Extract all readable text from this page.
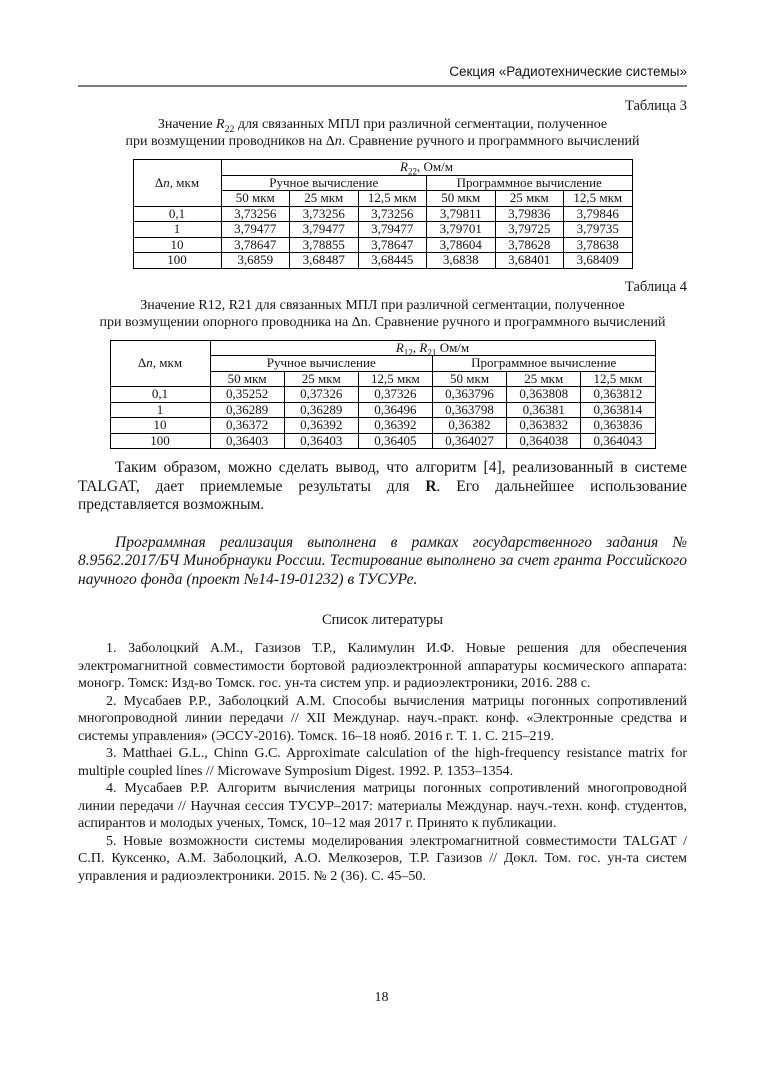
Секция «Радиотехнические системы»
Таблица 3
Значение $R_{22}$ для связанных МПЛ при различной сегментации, полученное
при возмущении проводников на Δn. Сравнение ручного и программного вычислений
Δn, мкм	$R_{22}$, Ом/м					
	Ручное вычисление			Программное вычисление		
	50 мкм	25 мкм	12,5 мкм	50 мкм	25 мкм	12,5 мкм
0,1	3,73256	3,73256	3,73256	3,79811	3,79836	3,79846
1	3,79477	3,79477	3,79477	3,79701	3,79725	3,79735
10	3,78647	3,78855	3,78647	3,78604	3,78628	3,78638
100	3,6859	3,68487	3,68445	3,6838	3,68401	3,68409
Таблица 4
Значение R12, R21 для связанных МПЛ при различной сегментации, полученное
при возмущении опорного проводника на Δn. Сравнение ручного и программного вычислений
Δn, мкм	$R_{12}$, $R_{21}$ Ом/м					
	Ручное вычисление			Программное вычисление		
	50 мкм	25 мкм	12,5 мкм	50 мкм	25 мкм	12,5 мкм
0,1	0,35252	0,37326	0,37326	0,363796	0,363808	0,363812
1	0,36289	0,36289	0,36496	0,363798	0,36381	0,363814
10	0,36372	0,36392	0,36392	0,36382	0,363832	0,363836
100	0,36403	0,36403	0,36405	0,364027	0,364038	0,364043

Таким образом, можно сделать вывод, что алгоритм [4], реализованный в системе TALGAT, дает приемлемые результаты для R. Его дальнейшее использование представляется возможным.

Программная реализация выполнена в рамках государственного задания № 8.9562.2017/БЧ Минобрнауки России. Тестирование выполнено за счет гранта Российского научного фонда (проект №14-19-01232) в ТУСУРе.

Список литературы

1. Заболоцкий А.М., Газизов Т.Р., Калимулин И.Ф. Новые решения для обеспечения электромагнитной совместимости бортовой радиоэлектронной аппаратуры космического аппарата: моногр. Томск: Изд-во Томск. гос. ун-та систем упр. и радиоэлектроники, 2016. 288 с.

2. Мусабаев Р.Р., Заболоцкий А.М. Способы вычисления матрицы погонных сопротивлений многопроводной линии передачи // XII Междунар. науч.-практ. конф. «Электронные средства и системы управления» (ЭССУ-2016). Томск. 16–18 нояб. 2016 г. Т. 1. С. 215–219.

3. Matthaei G.L., Chinn G.C. Approximate calculation of the high-frequency resistance matrix for multiple coupled lines // Microwave Symposium Digest. 1992. P. 1353–1354.

4. Мусабаев Р.Р. Алгоритм вычисления матрицы погонных сопротивлений многопроводной линии передачи // Научная сессия ТУСУР–2017: материалы Междунар. науч.-техн. конф. студентов, аспирантов и молодых ученых, Томск, 10–12 мая 2017 г. Принято к публикации.

5. Новые возможности системы моделирования электромагнитной совместимости TALGAT / С.П. Куксенко, А.М. Заболоцкий, А.О. Мелкозеров, Т.Р. Газизов // Докл. Том. гос. ун-та систем управления и радиоэлектроники. 2015. № 2 (36). С. 45–50.

18
